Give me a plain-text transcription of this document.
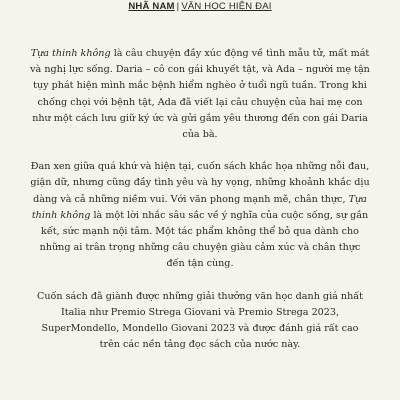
NHÃ NAM | VĂN HỌC HIỆN ĐẠI

Tựa thinh không là câu chuyện đầy xúc động về tình mẫu tử, mất mát và nghị lực sống. Daria – cô con gái khuyết tật, và Ada – người mẹ tận tụy phát hiện mình mắc bệnh hiểm nghèo ở tuổi ngũ tuần. Trong khi chống chọi với bệnh tật, Ada đã viết lại câu chuyện của hai mẹ con như một cách lưu giữ ký ức và gửi gắm yêu thương đến con gái Daria của bà.

Đan xen giữa quá khứ và hiện tại, cuốn sách khắc họa những nỗi đau, giận dữ, nhưng cũng đầy tình yêu và hy vọng, những khoảnh khắc dịu dàng và cả những niềm vui. Với văn phong mạnh mẽ, chân thực, Tựa thinh không là một lời nhắc sâu sắc về ý nghĩa của cuộc sống, sự gắn kết, sức mạnh nội tâm. Một tác phẩm không thể bỏ qua dành cho những ai trân trọng những câu chuyện giàu cảm xúc và chân thực đến tận cùng.

Cuốn sách đã giành được những giải thưởng văn học danh giá nhất Italia như Premio Strega Giovani và Premio Strega 2023, SuperMondello, Mondello Giovani 2023 và được đánh giá rất cao trên các nền tảng đọc sách của nước này.
